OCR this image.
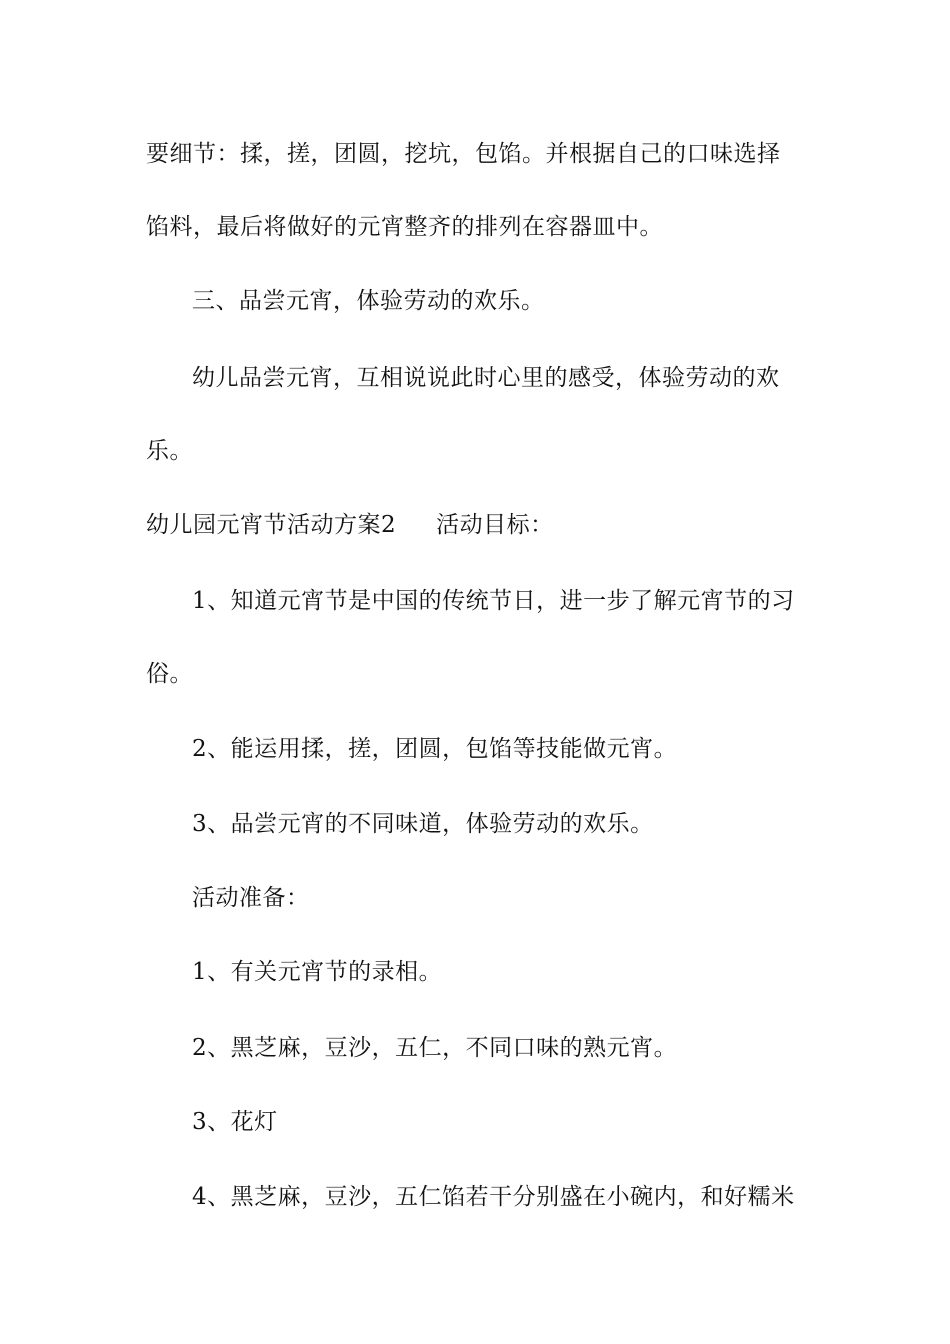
要细节：揉，搓，团圆，挖坑，包馅。并根据自己的口味选择
馅料，最后将做好的元宵整齐的排列在容器皿中。
三、品尝元宵，体验劳动的欢乐。
幼儿品尝元宵，互相说说此时心里的感受，体验劳动的欢
乐。
幼儿园元宵节活动方案2 活动目标：
1、知道元宵节是中国的传统节日，进一步了解元宵节的习
俗。
2、能运用揉，搓，团圆，包馅等技能做元宵。
3、品尝元宵的不同味道，体验劳动的欢乐。
活动准备：
1、有关元宵节的录相。
2、黑芝麻，豆沙，五仁，不同口味的熟元宵。
3、花灯
4、黑芝麻，豆沙，五仁馅若干分别盛在小碗内，和好糯米
